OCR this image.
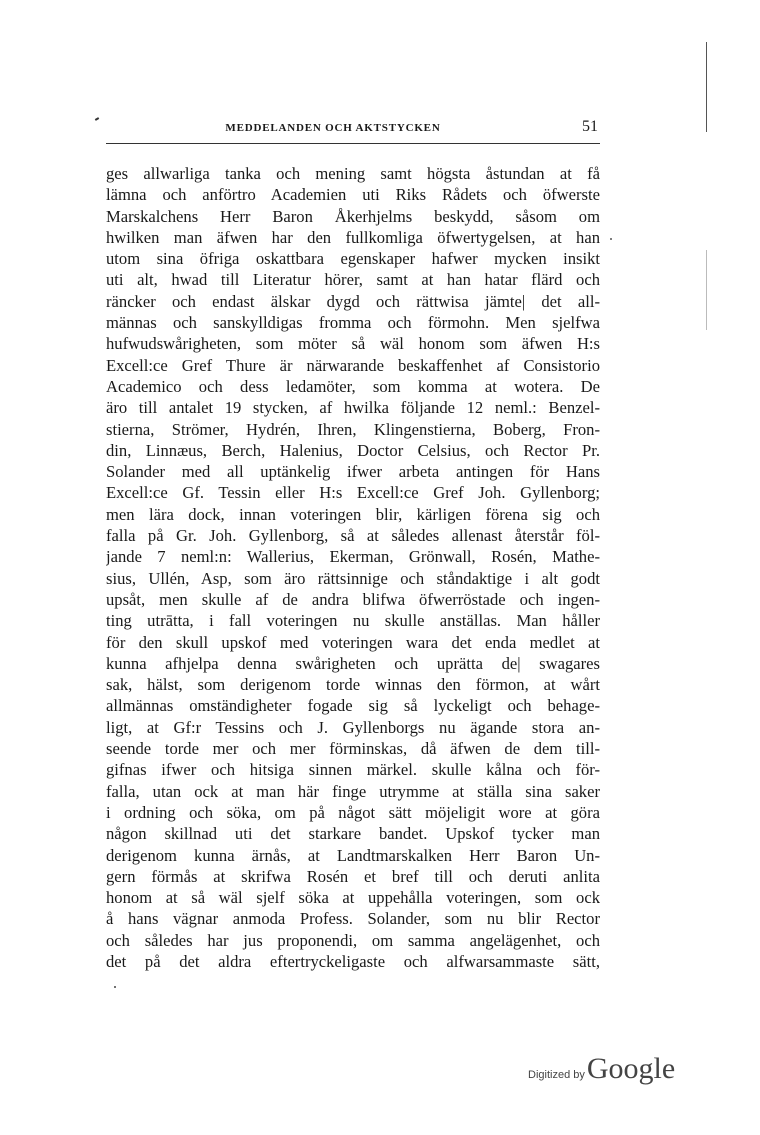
MEDDELANDEN OCH AKTSTYCKEN	51
ges allwarliga tanka och mening samt högsta åstundan at få
lämna och anförtro Academien uti Riks Rådets och öfwerste
Marskalchens Herr Baron Åkerhjelms beskydd, såsom om
hwilken man äfwen har den fullkomliga öfwertygelsen, at han
utom sina öfriga oskattbara egenskaper hafwer mycken insikt
uti alt, hwad till Literatur hörer, samt at han hatar flärd och
räncker och endast älskar dygd och rättwisa jämte| det all-
männas och sanskylldigas fromma och förmohn. Men sjelfwa
hufwudswårigheten, som möter så wäl honom som äfwen H:s
Excell:ce Gref Thure är närwarande beskaffenhet af Consistorio
Academico och dess ledamöter, som komma at wotera. De
äro till antalet 19 stycken, af hwilka följande 12 neml.: Benzel-
stierna, Strömer, Hydrén, Ihren, Klingenstierna, Boberg, Fron-
din, Linnæus, Berch, Halenius, Doctor Celsius, och Rector Pr.
Solander med all uptänkelig ifwer arbeta antingen för Hans
Excell:ce Gf. Tessin eller H:s Excell:ce Gref Joh. Gyllenborg;
men lära dock, innan voteringen blir, kärligen förena sig och
falla på Gr. Joh. Gyllenborg, så at således allenast återstår föl-
jande 7 neml:n: Wallerius, Ekerman, Grönwall, Rosén, Mathe-
sius, Ullén, Asp, som äro rättsinnige och ståndaktige i alt godt
upsåt, men skulle af de andra blifwa öfwerröstade och ingen-
ting utrātta, i fall voteringen nu skulle anställas. Man håller
för den skull upskof med voteringen wara det enda medlet at
kunna afhjelpa denna swårigheten och uprätta de| swagares
sak, hälst, som derigenom torde winnas den förmon, at wårt
allmännas omständigheter fogade sig så lyckeligt och behage-
ligt, at Gf:r Tessins och J. Gyllenborgs nu ägande stora an-
seende torde mer och mer förminskas, då äfwen de dem till-
gifnas ifwer och hitsiga sinnen märkel. skulle kålna och för-
falla, utan ock at man här finge utrymme at ställa sina saker
i ordning och söka, om på något sätt möjeligit wore at göra
någon skillnad uti det starkare bandet. Upskof tycker man
derigenom kunna ärnås, at Landtmarskalken Herr Baron Un-
gern förmås at skrifwa Rosén et bref till och deruti anlita
honom at så wäl sjelf söka at uppehålla voteringen, som ock
å hans vägnar anmoda Profess. Solander, som nu blir Rector
och således har jus proponendi, om samma angelägenhet, och
det på det aldra eftertryckeligaste och alfwarsammaste sätt,
Digitized by Google
